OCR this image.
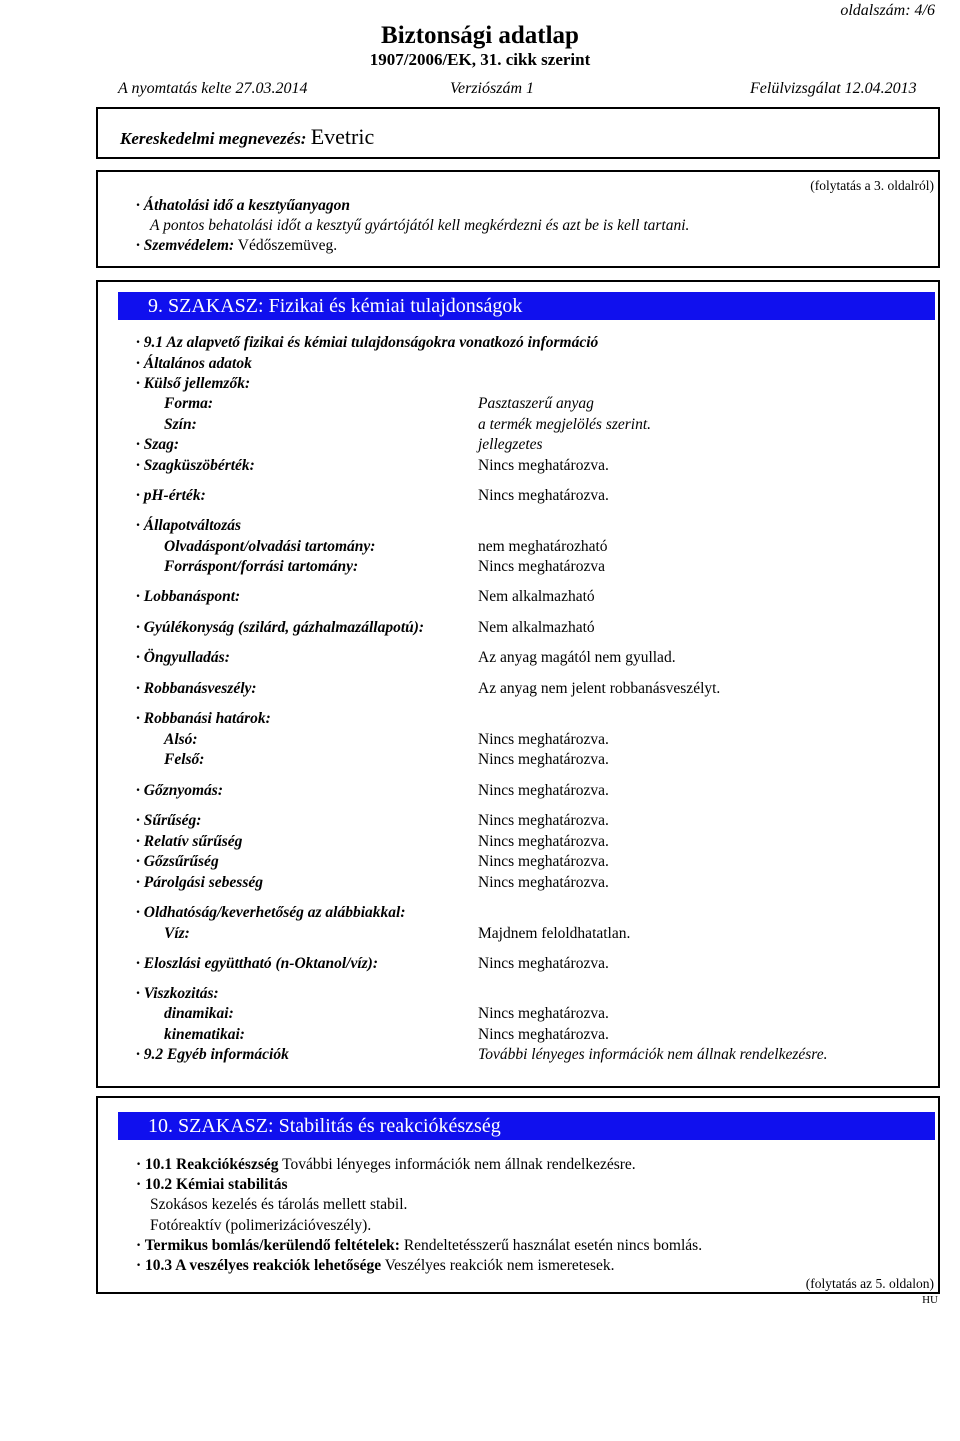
oldalszám: 4/6
Biztonsági adatlap
1907/2006/EK, 31. cikk szerint
A nyomtatás kelte 27.03.2014	Verziószám 1	Felülvizsgálat 12.04.2013
Kereskedelmi megnevezés: Evetric
(folytatás a 3. oldalról)
· Áthatolási idő a kesztyűanyagon
A pontos behatolási időt a kesztyű gyártójától kell megkérdezni és azt be is kell tartani.
· Szemvédelem: Védőszemüveg.
9. SZAKASZ: Fizikai és kémiai tulajdonságok
· 9.1 Az alapvető fizikai és kémiai tulajdonságokra vonatkozó információ
· Általános adatok
· Külső jellemzők:
Forma:	Pasztaszerű anyag
Szín:	a termék megjelölés szerint.
· Szag:	jellegzetes
· Szagküszöbérték:	Nincs meghatározva.
· pH-érték:	Nincs meghatározva.
· Állapotváltozás
Olvadáspont/olvadási tartomány:	nem meghatározható
Forráspont/forrási tartomány:	Nincs meghatározva
· Lobbanáspont:	Nem alkalmazható
· Gyúlékonyság (szilárd, gázhalmazállapotú):	Nem alkalmazható
· Öngyulladás:	Az anyag magától nem gyullad.
· Robbanásveszély:	Az anyag nem jelent robbanásveszélyt.
· Robbanási határok:
Alsó:	Nincs meghatározva.
Felső:	Nincs meghatározva.
· Gőznyomás:	Nincs meghatározva.
· Sűrűség:	Nincs meghatározva.
· Relatív sűrűség	Nincs meghatározva.
· Gőzsűrűség	Nincs meghatározva.
· Párolgási sebesség	Nincs meghatározva.
· Oldhatóság/keverhetőség az alábbiakkal:
Víz:	Majdnem feloldhatatlan.
· Eloszlási együttható (n-Oktanol/víz):	Nincs meghatározva.
· Viszkozitás:
dinamikai:	Nincs meghatározva.
kinematikai:	Nincs meghatározva.
· 9.2 Egyéb információk	További lényeges információk nem állnak rendelkezésre.
10. SZAKASZ: Stabilitás és reakciókészség
· 10.1 Reakciókészség További lényeges információk nem állnak rendelkezésre.
· 10.2 Kémiai stabilitás
Szokásos kezelés és tárolás mellett stabil.
Fotóreaktív (polimerizációveszély).
· Termikus bomlás/kerülendő feltételek: Rendeltetésszerű használat esetén nincs bomlás.
· 10.3 A veszélyes reakciók lehetősége Veszélyes reakciók nem ismeretesek.
(folytatás az 5. oldalon)
HU
